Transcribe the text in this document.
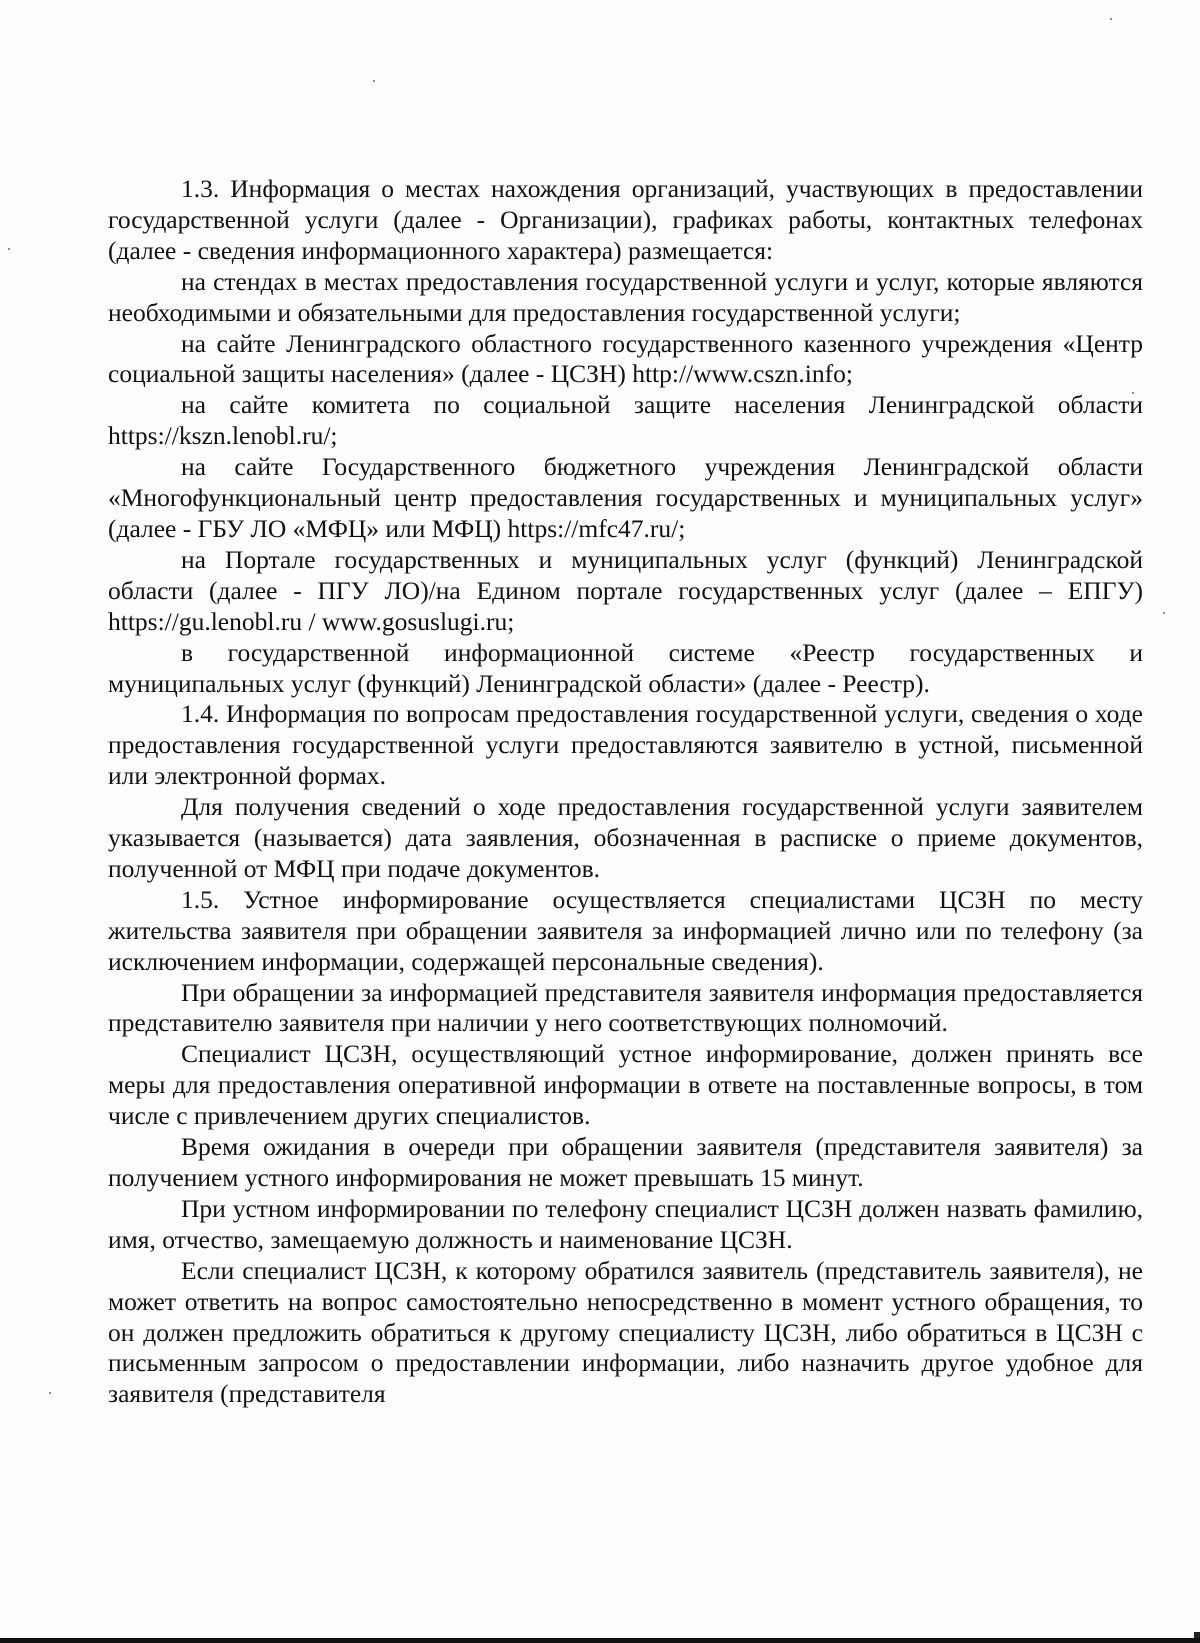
1.3. Информация о местах нахождения организаций, участвующих в предоставлении государственной услуги (далее - Организации), графиках работы, контактных телефонах (далее - сведения информационного характера) размещается:

на стендах в местах предоставления государственной услуги и услуг, которые являются необходимыми и обязательными для предоставления государственной услуги;

на сайте Ленинградского областного государственного казенного учреждения «Центр социальной защиты населения» (далее - ЦСЗН) http://www.cszn.info;

на сайте комитета по социальной защите населения Ленинградской области https://kszn.lenobl.ru/;

на сайте Государственного бюджетного учреждения Ленинградской области «Многофункциональный центр предоставления государственных и муниципальных услуг» (далее - ГБУ ЛО «МФЦ» или МФЦ) https://mfc47.ru/;

на Портале государственных и муниципальных услуг (функций) Ленинградской области (далее - ПГУ ЛО)/на Едином портале государственных услуг (далее – ЕПГУ) https://gu.lenobl.ru / www.gosuslugi.ru;

в государственной информационной системе «Реестр государственных и муниципальных услуг (функций) Ленинградской области» (далее - Реестр).

1.4. Информация по вопросам предоставления государственной услуги, сведения о ходе предоставления государственной услуги предоставляются заявителю в устной, письменной или электронной формах.

Для получения сведений о ходе предоставления государственной услуги заявителем указывается (называется) дата заявления, обозначенная в расписке о приеме документов, полученной от МФЦ при подаче документов.

1.5. Устное информирование осуществляется специалистами ЦСЗН по месту жительства заявителя при обращении заявителя за информацией лично или по телефону (за исключением информации, содержащей персональные сведения).

При обращении за информацией представителя заявителя информация предоставляется представителю заявителя при наличии у него соответствующих полномочий.

Специалист ЦСЗН, осуществляющий устное информирование, должен принять все меры для предоставления оперативной информации в ответе на поставленные вопросы, в том числе с привлечением других специалистов.

Время ожидания в очереди при обращении заявителя (представителя заявителя) за получением устного информирования не может превышать 15 минут.

При устном информировании по телефону специалист ЦСЗН должен назвать фамилию, имя, отчество, замещаемую должность и наименование ЦСЗН.

Если специалист ЦСЗН, к которому обратился заявитель (представитель заявителя), не может ответить на вопрос самостоятельно непосредственно в момент устного обращения, то он должен предложить обратиться к другому специалисту ЦСЗН, либо обратиться в ЦСЗН с письменным запросом о предоставлении информации, либо назначить другое удобное для заявителя (представителя
